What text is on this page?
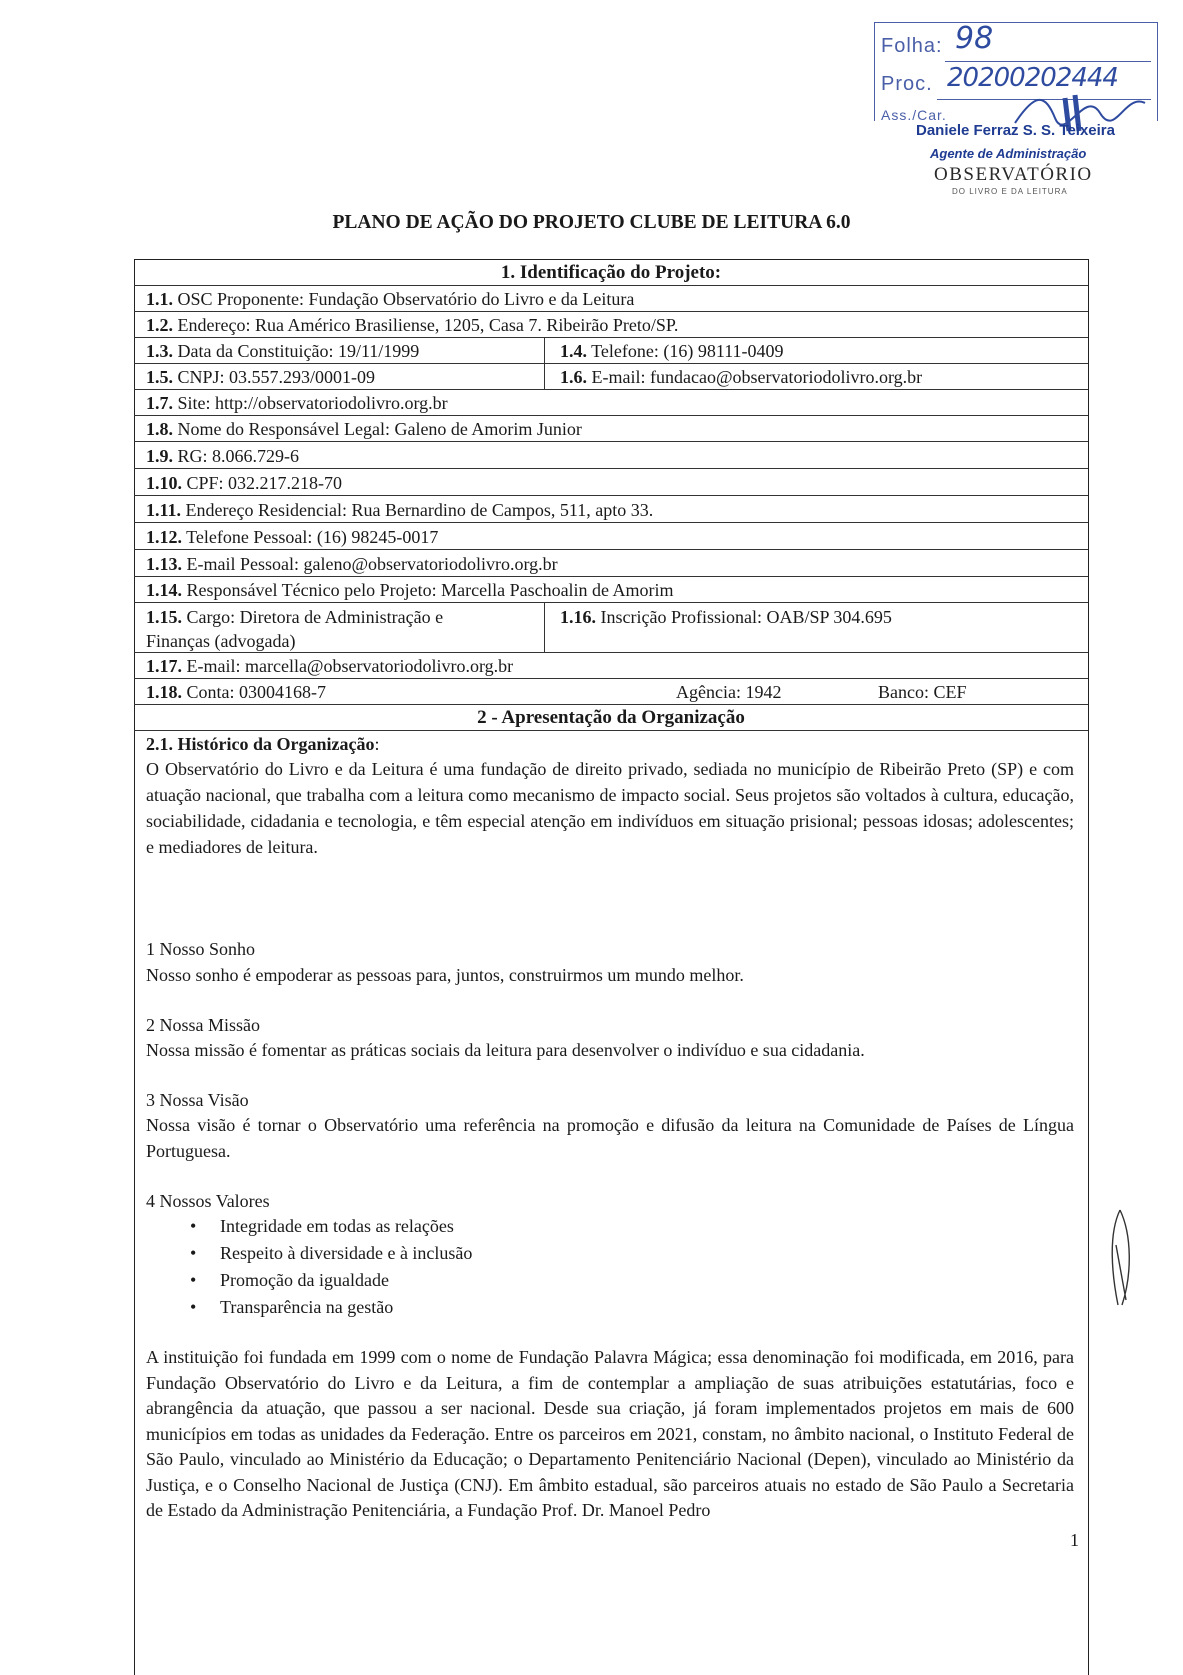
Folha: 98
Proc. 20200202444
Ass./Car.
Daniele Ferraz S. S. Teixeira
Agente de Administração
OBSERVATÓRIO
DO LIVRO E DA LEITURA
PLANO DE AÇÃO DO PROJETO CLUBE DE LEITURA 6.0
1. Identificação do Projeto:
1.1. OSC Proponente: Fundação Observatório do Livro e da Leitura
1.2. Endereço: Rua Américo Brasiliense, 1205, Casa 7. Ribeirão Preto/SP.
1.3. Data da Constituição: 19/11/1999	1.4. Telefone: (16) 98111-0409
1.5. CNPJ: 03.557.293/0001-09	1.6. E-mail: fundacao@observatoriodolivro.org.br
1.7. Site: http://observatoriodolivro.org.br
1.8. Nome do Responsável Legal: Galeno de Amorim Junior
1.9. RG: 8.066.729-6
1.10. CPF: 032.217.218-70
1.11. Endereço Residencial: Rua Bernardino de Campos, 511, apto 33.
1.12. Telefone Pessoal: (16) 98245-0017
1.13. E-mail Pessoal: galeno@observatoriodolivro.org.br
1.14. Responsável Técnico pelo Projeto: Marcella Paschoalin de Amorim
1.15. Cargo: Diretora de Administração e
Finanças (advogada)
1.16. Inscrição Profissional: OAB/SP 304.695
1.17. E-mail: marcella@observatoriodolivro.org.br
1.18. Conta: 03004168-7	Agência: 1942	Banco: CEF
2 - Apresentação da Organização
2.1. Histórico da Organização:
O Observatório do Livro e da Leitura é uma fundação de direito privado, sediada no município de Ribeirão Preto (SP) e com atuação nacional, que trabalha com a leitura como mecanismo de impacto social. Seus projetos são voltados à cultura, educação, sociabilidade, cidadania e tecnologia, e têm especial atenção em indivíduos em situação prisional; pessoas idosas; adolescentes; e mediadores de leitura.
1 Nosso Sonho
Nosso sonho é empoderar as pessoas para, juntos, construirmos um mundo melhor.
2 Nossa Missão
Nossa missão é fomentar as práticas sociais da leitura para desenvolver o indivíduo e sua cidadania.
3 Nossa Visão
Nossa visão é tornar o Observatório uma referência na promoção e difusão da leitura na Comunidade de Países de Língua Portuguesa.
4 Nossos Valores
• Integridade em todas as relações
• Respeito à diversidade e à inclusão
• Promoção da igualdade
• Transparência na gestão
A instituição foi fundada em 1999 com o nome de Fundação Palavra Mágica; essa denominação foi modificada, em 2016, para Fundação Observatório do Livro e da Leitura, a fim de contemplar a ampliação de suas atribuições estatutárias, foco e abrangência da atuação, que passou a ser nacional. Desde sua criação, já foram implementados projetos em mais de 600 municípios em todas as unidades da Federação. Entre os parceiros em 2021, constam, no âmbito nacional, o Instituto Federal de São Paulo, vinculado ao Ministério da Educação; o Departamento Penitenciário Nacional (Depen), vinculado ao Ministério da Justiça, e o Conselho Nacional de Justiça (CNJ). Em âmbito estadual, são parceiros atuais no estado de São Paulo a Secretaria de Estado da Administração Penitenciária, a Fundação Prof. Dr. Manoel Pedro
1
